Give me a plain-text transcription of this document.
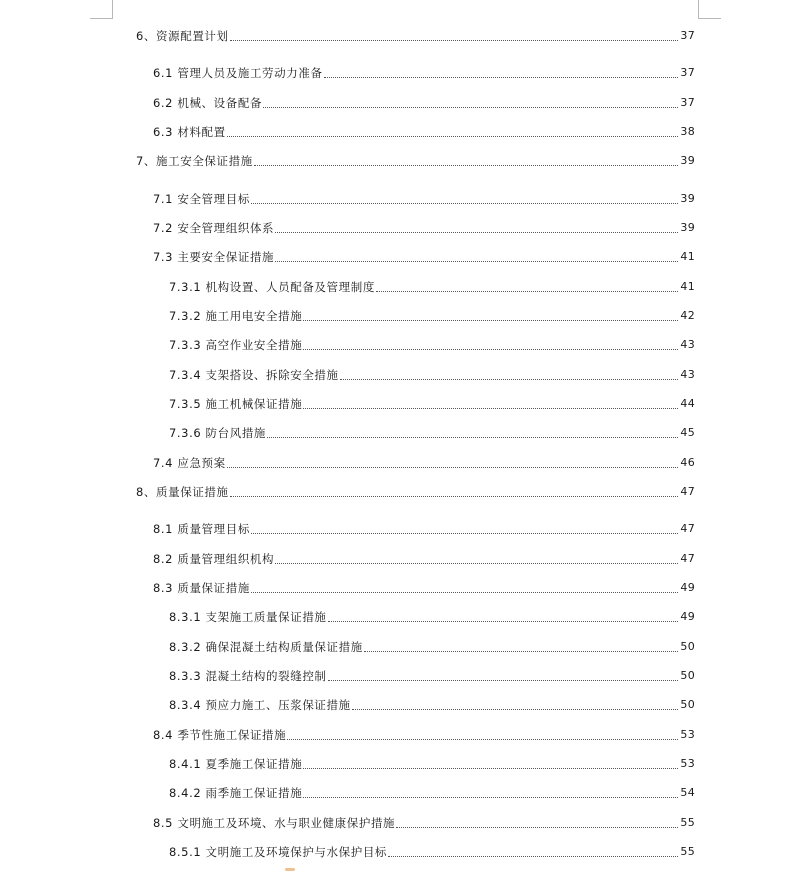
6、资源配置计划	37
6.1 管理人员及施工劳动力准备	37
6.2 机械、设备配备	37
6.3 材料配置	38
7、施工安全保证措施	39
7.1 安全管理目标	39
7.2 安全管理组织体系	39
7.3 主要安全保证措施	41
7.3.1 机构设置、人员配备及管理制度	41
7.3.2 施工用电安全措施	42
7.3.3 高空作业安全措施	43
7.3.4 支架搭设、拆除安全措施	43
7.3.5 施工机械保证措施	44
7.3.6 防台风措施	45
7.4 应急预案	46
8、质量保证措施	47
8.1 质量管理目标	47
8.2 质量管理组织机构	47
8.3 质量保证措施	49
8.3.1 支架施工质量保证措施	49
8.3.2 确保混凝土结构质量保证措施	50
8.3.3 混凝土结构的裂缝控制	50
8.3.4 预应力施工、压浆保证措施	50
8.4 季节性施工保证措施	53
8.4.1 夏季施工保证措施	53
8.4.2 雨季施工保证措施	54
8.5 文明施工及环境、水与职业健康保护措施	55
8.5.1 文明施工及环境保护与水保护目标	55
